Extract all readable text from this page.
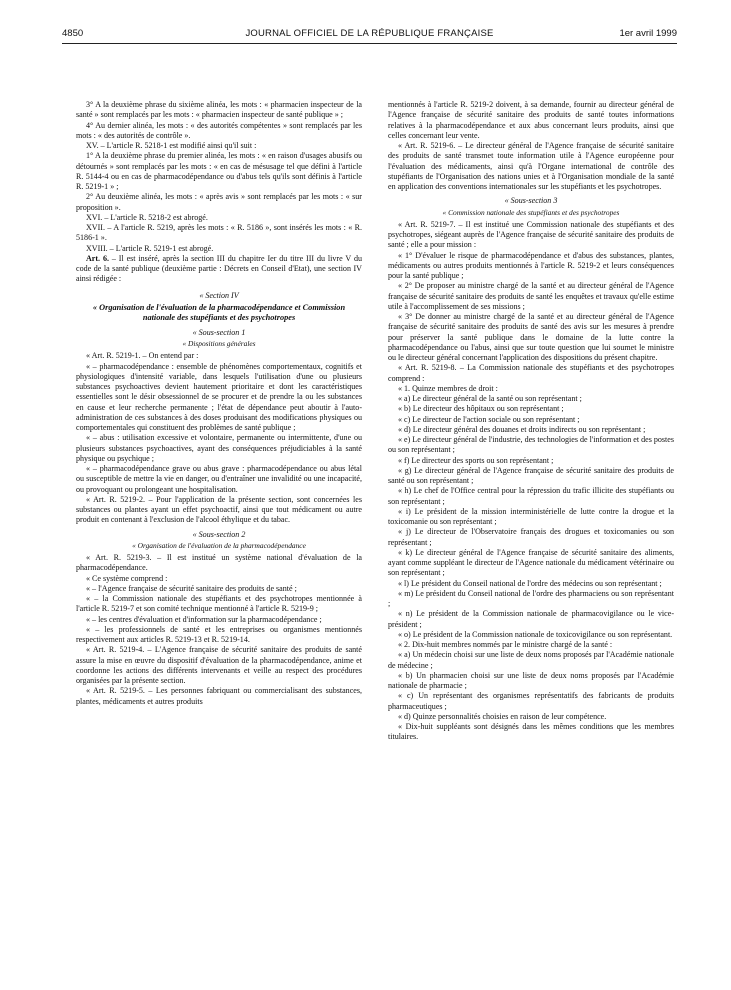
4850	JOURNAL OFFICIEL DE LA RÉPUBLIQUE FRANÇAISE	1er avril 1999

3° A la deuxième phrase du sixième alinéa, les mots : « pharmacien inspecteur de la santé » sont remplacés par les mots : « pharmacien inspecteur de santé publique » ;

4° Au dernier alinéa, les mots : « des autorités compétentes » sont remplacés par les mots : « des autorités de contrôle ».

XV. – L'article R. 5218-1 est modifié ainsi qu'il suit :

1° A la deuxième phrase du premier alinéa, les mots : « en raison d'usages abusifs ou détournés » sont remplacés par les mots : « en cas de mésusage tel que défini à l'article R. 5144-4 ou en cas de pharmacodépendance ou d'abus tels qu'ils sont définis à l'article R. 5219-1 » ;

2° Au deuxième alinéa, les mots : « après avis » sont remplacés par les mots : « sur proposition ».

XVI. – L'article R. 5218-2 est abrogé.

XVII. – A l'article R. 5219, après les mots : « R. 5186 », sont insérés les mots : « R. 5186-1 ».

XVIII. – L'article R. 5219-1 est abrogé.

Art. 6. – Il est inséré, après la section III du chapitre Ier du titre III du livre V du code de la santé publique (deuxième partie : Décrets en Conseil d'Etat), une section IV ainsi rédigée :

« Section IV

« Organisation de l'évaluation de la pharmacodépendance et Commission nationale des stupéfiants et des psychotropes

« Sous-section 1

« Dispositions générales

« Art. R. 5219-1. – On entend par :

« – pharmacodépendance : ensemble de phénomènes comportementaux, cognitifs et physiologiques d'intensité variable, dans lesquels l'utilisation d'une ou plusieurs substances psychoactives devient hautement prioritaire et dont les caractéristiques essentielles sont le désir obsessionnel de se procurer et de prendre la ou les substances en cause et leur recherche permanente ; l'état de dépendance peut aboutir à l'auto-administration de ces substances à des doses produisant des modifications physiques ou comportementales qui constituent des problèmes de santé publique ;

« – abus : utilisation excessive et volontaire, permanente ou intermittente, d'une ou plusieurs substances psychoactives, ayant des conséquences préjudiciables à la santé physique ou psychique ;

« – pharmacodépendance grave ou abus grave : pharmacodépendance ou abus létal ou susceptible de mettre la vie en danger, ou d'entraîner une invalidité ou une incapacité, ou provoquant ou prolongeant une hospitalisation.

« Art. R. 5219-2. – Pour l'application de la présente section, sont concernées les substances ou plantes ayant un effet psychoactif, ainsi que tout médicament ou autre produit en contenant à l'exclusion de l'alcool éthylique et du tabac.

« Sous-section 2

« Organisation de l'évaluation de la pharmacodépendance

« Art. R. 5219-3. – Il est institué un système national d'évaluation de la pharmacodépendance.

« Ce système comprend :

« – l'Agence française de sécurité sanitaire des produits de santé ;

« – la Commission nationale des stupéfiants et des psychotropes mentionnée à l'article R. 5219-7 et son comité technique mentionné à l'article R. 5219-9 ;

« – les centres d'évaluation et d'information sur la pharmacodépendance ;

« – les professionnels de santé et les entreprises ou organismes mentionnés respectivement aux articles R. 5219-13 et R. 5219-14.

« Art. R. 5219-4. – L'Agence française de sécurité sanitaire des produits de santé assure la mise en œuvre du dispositif d'évaluation de la pharmacodépendance, anime et coordonne les actions des différents intervenants et veille au respect des procédures organisées par la présente section.

« Art. R. 5219-5. – Les personnes fabriquant ou commercialisant des substances, plantes, médicaments et autres produits

mentionnés à l'article R. 5219-2 doivent, à sa demande, fournir au directeur général de l'Agence française de sécurité sanitaire des produits de santé toutes informations relatives à la pharmacodépendance et aux abus concernant leurs produits, ainsi que celles concernant leur vente.

« Art. R. 5219-6. – Le directeur général de l'Agence française de sécurité sanitaire des produits de santé transmet toute information utile à l'Agence européenne pour l'évaluation des médicaments, ainsi qu'à l'Organe international de contrôle des stupéfiants de l'Organisation des nations unies et à l'Organisation mondiale de la santé en application des conventions internationales sur les stupéfiants et les psychotropes.

« Sous-section 3

« Commission nationale des stupéfiants et des psychotropes

« Art. R. 5219-7. – Il est institué une Commission nationale des stupéfiants et des psychotropes, siégeant auprès de l'Agence française de sécurité sanitaire des produits de santé ; elle a pour mission :

« 1° D'évaluer le risque de pharmacodépendance et d'abus des substances, plantes, médicaments ou autres produits mentionnés à l'article R. 5219-2 et leurs conséquences pour la santé publique ;

« 2° De proposer au ministre chargé de la santé et au directeur général de l'Agence française de sécurité sanitaire des produits de santé les enquêtes et travaux qu'elle estime utile à l'accomplissement de ses missions ;

« 3° De donner au ministre chargé de la santé et au directeur général de l'Agence française de sécurité sanitaire des produits de santé des avis sur les mesures à prendre pour préserver la santé publique dans le domaine de la lutte contre la pharmacodépendance ou l'abus, ainsi que sur toute question que lui soumet le ministre ou le directeur général concernant l'application des dispositions du présent chapitre.

« Art. R. 5219-8. – La Commission nationale des stupéfiants et des psychotropes comprend :

« 1. Quinze membres de droit :

« a) Le directeur général de la santé ou son représentant ;

« b) Le directeur des hôpitaux ou son représentant ;

« c) Le directeur de l'action sociale ou son représentant ;

« d) Le directeur général des douanes et droits indirects ou son représentant ;

« e) Le directeur général de l'industrie, des technologies de l'information et des postes ou son représentant ;

« f) Le directeur des sports ou son représentant ;

« g) Le directeur général de l'Agence française de sécurité sanitaire des produits de santé ou son représentant ;

« h) Le chef de l'Office central pour la répression du trafic illicite des stupéfiants ou son représentant ;

« i) Le président de la mission interministérielle de lutte contre la drogue et la toxicomanie ou son représentant ;

« j) Le directeur de l'Observatoire français des drogues et toxicomanies ou son représentant ;

« k) Le directeur général de l'Agence française de sécurité sanitaire des aliments, ayant comme suppléant le directeur de l'Agence nationale du médicament vétérinaire ou son représentant ;

« l) Le président du Conseil national de l'ordre des médecins ou son représentant ;

« m) Le président du Conseil national de l'ordre des pharmaciens ou son représentant ;

« n) Le président de la Commission nationale de pharmacovigilance ou le vice-président ;

« o) Le président de la Commission nationale de toxicovigilance ou son représentant.

« 2. Dix-huit membres nommés par le ministre chargé de la santé :

« a) Un médecin choisi sur une liste de deux noms proposés par l'Académie nationale de médecine ;

« b) Un pharmacien choisi sur une liste de deux noms proposés par l'Académie nationale de pharmacie ;

« c) Un représentant des organismes représentatifs des fabricants de produits pharmaceutiques ;

« d) Quinze personnalités choisies en raison de leur compétence.

« Dix-huit suppléants sont désignés dans les mêmes conditions que les membres titulaires.
